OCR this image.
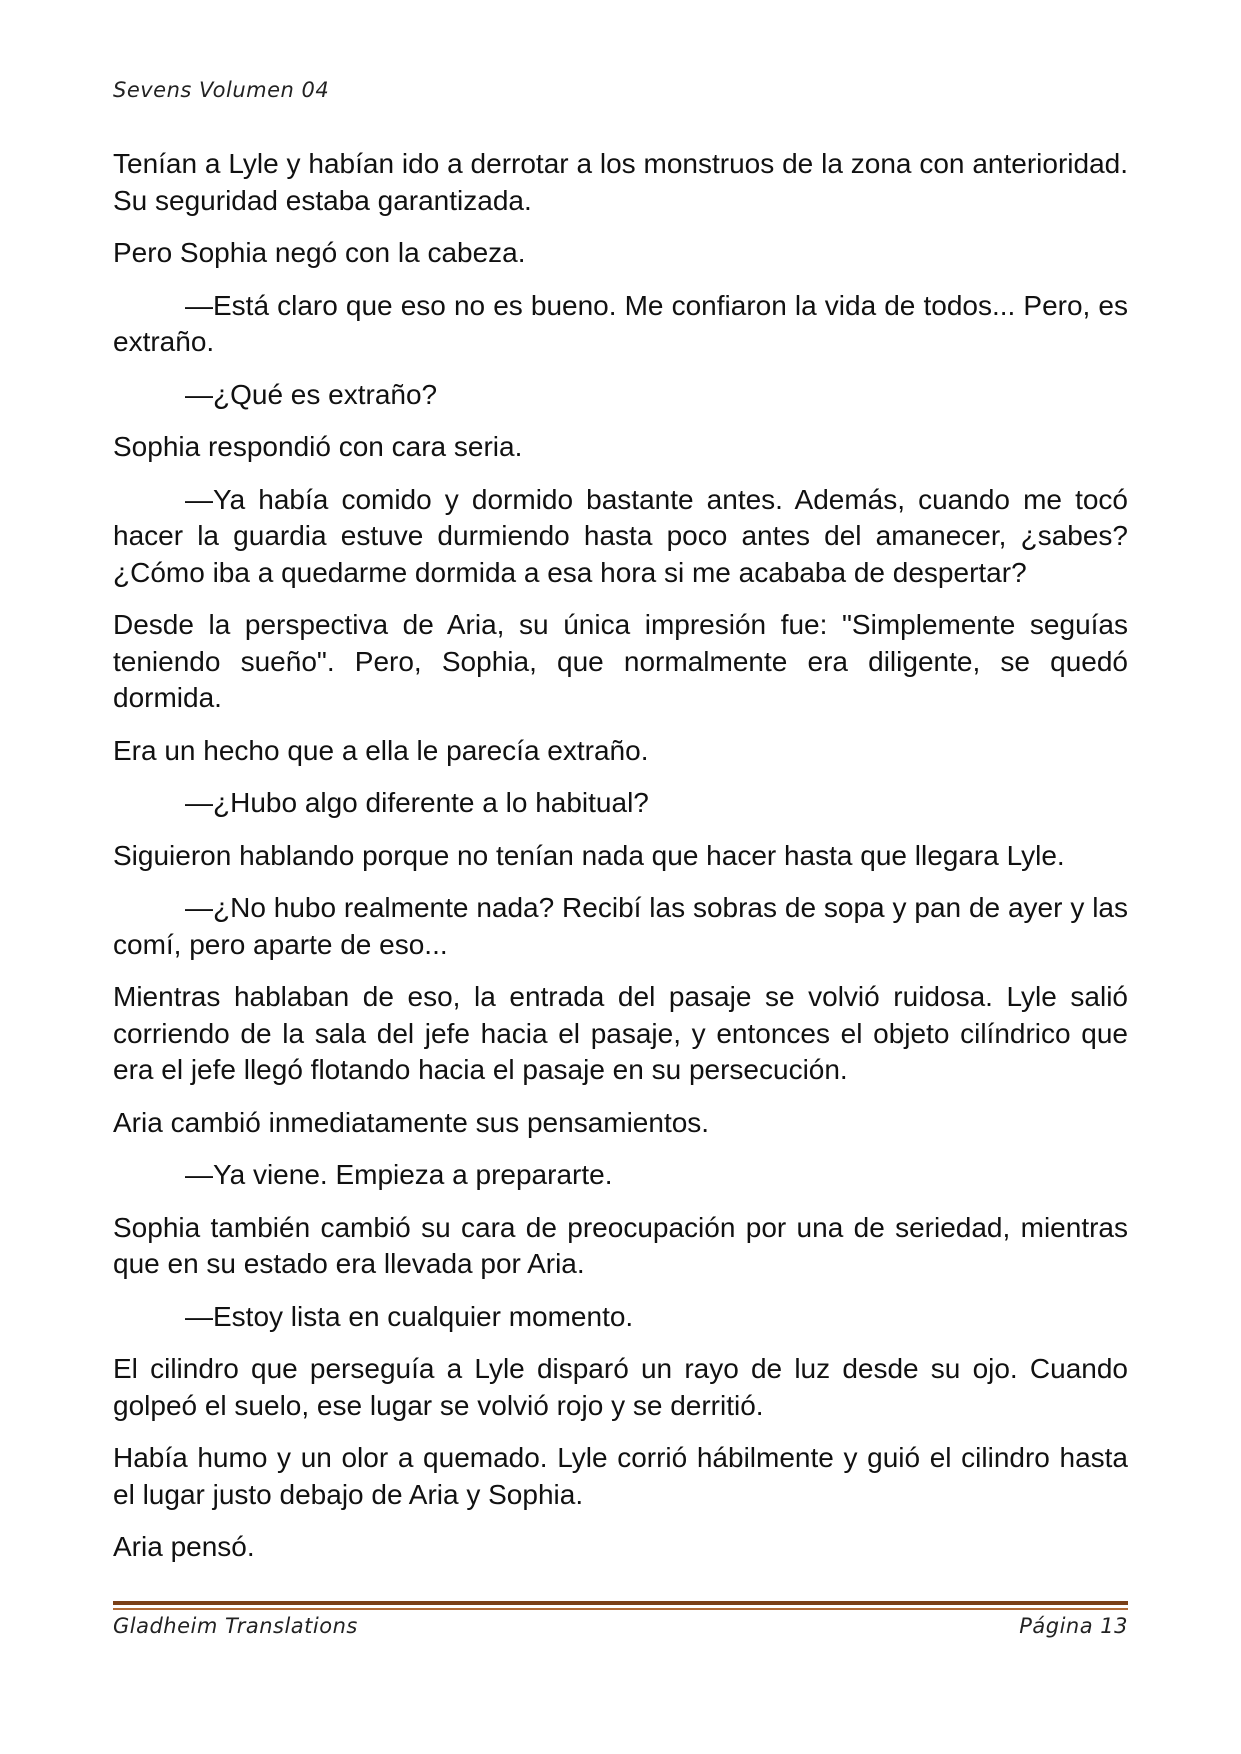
Sevens Volumen 04

Tenían a Lyle y habían ido a derrotar a los monstruos de la zona con anterioridad. Su seguridad estaba garantizada.

Pero Sophia negó con la cabeza.

—Está claro que eso no es bueno. Me confiaron la vida de todos... Pero, es extraño.

—¿Qué es extraño?

Sophia respondió con cara seria.

—Ya había comido y dormido bastante antes. Además, cuando me tocó hacer la guardia estuve durmiendo hasta poco antes del amanecer, ¿sabes? ¿Cómo iba a quedarme dormida a esa hora si me acababa de despertar?

Desde la perspectiva de Aria, su única impresión fue: "Simplemente seguías teniendo sueño". Pero, Sophia, que normalmente era diligente, se quedó dormida.

Era un hecho que a ella le parecía extraño.

—¿Hubo algo diferente a lo habitual?

Siguieron hablando porque no tenían nada que hacer hasta que llegara Lyle.

—¿No hubo realmente nada? Recibí las sobras de sopa y pan de ayer y las comí, pero aparte de eso...

Mientras hablaban de eso, la entrada del pasaje se volvió ruidosa. Lyle salió corriendo de la sala del jefe hacia el pasaje, y entonces el objeto cilíndrico que era el jefe llegó flotando hacia el pasaje en su persecución.

Aria cambió inmediatamente sus pensamientos.

—Ya viene. Empieza a prepararte.

Sophia también cambió su cara de preocupación por una de seriedad, mientras que en su estado era llevada por Aria.

—Estoy lista en cualquier momento.

El cilindro que perseguía a Lyle disparó un rayo de luz desde su ojo. Cuando golpeó el suelo, ese lugar se volvió rojo y se derritió.

Había humo y un olor a quemado. Lyle corrió hábilmente y guió el cilindro hasta el lugar justo debajo de Aria y Sophia.

Aria pensó.

Gladheim Translations	Página 13
